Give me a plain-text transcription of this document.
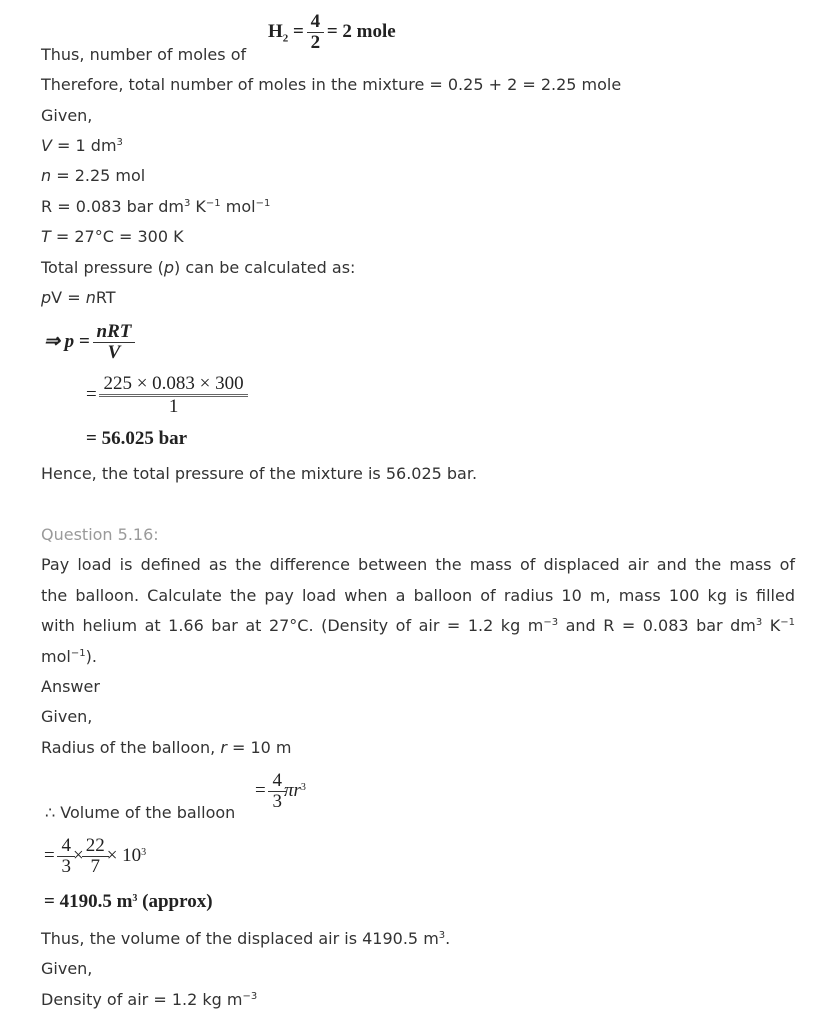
$H_2 = \frac{4}{2} = 2$ mole
Thus, number of moles of
Therefore, total number of moles in the mixture = 0.25 + 2 = 2.25 mole
Given,
V = 1 $dm^3$
n = 2.25 mol
R = 0.083 bar $dm^3$ $K^{-1}$ mol$^{-1}$
T = 27°C = 300 K
Total pressure (p) can be calculated as:
pV = nRT
⇒ $p = \frac{\text{nRT}}{V}$
= $\frac{225 \times 0.083 \times 300}{1}$
= 56.025 bar
Hence, the total pressure of the mixture is 56.025 bar.
Question 5.16:
Pay load is defined as the difference between the mass of displaced air and the mass of
the balloon. Calculate the pay load when a balloon of radius 10 m, mass 100 kg is filled
with helium at 1.66 bar at 27°C. (Density of air = 1.2 kg $m^{-3}$ and R = 0.083 bar $dm^3$ $K^{-1}$
mol$^{-1}$).
Answer
Given,
Radius of the balloon, r = 10 m
= $\frac{4}{3} \pi r^3$
∴ Volume of the balloon
= $\frac{4}{3} \times \frac{22}{7} \times 10^3$
= 4190.5 $m^3$ (approx)
Thus, the volume of the displaced air is 4190.5 $m^3$.
Given,
Density of air = 1.2 kg $m^{-3}$
